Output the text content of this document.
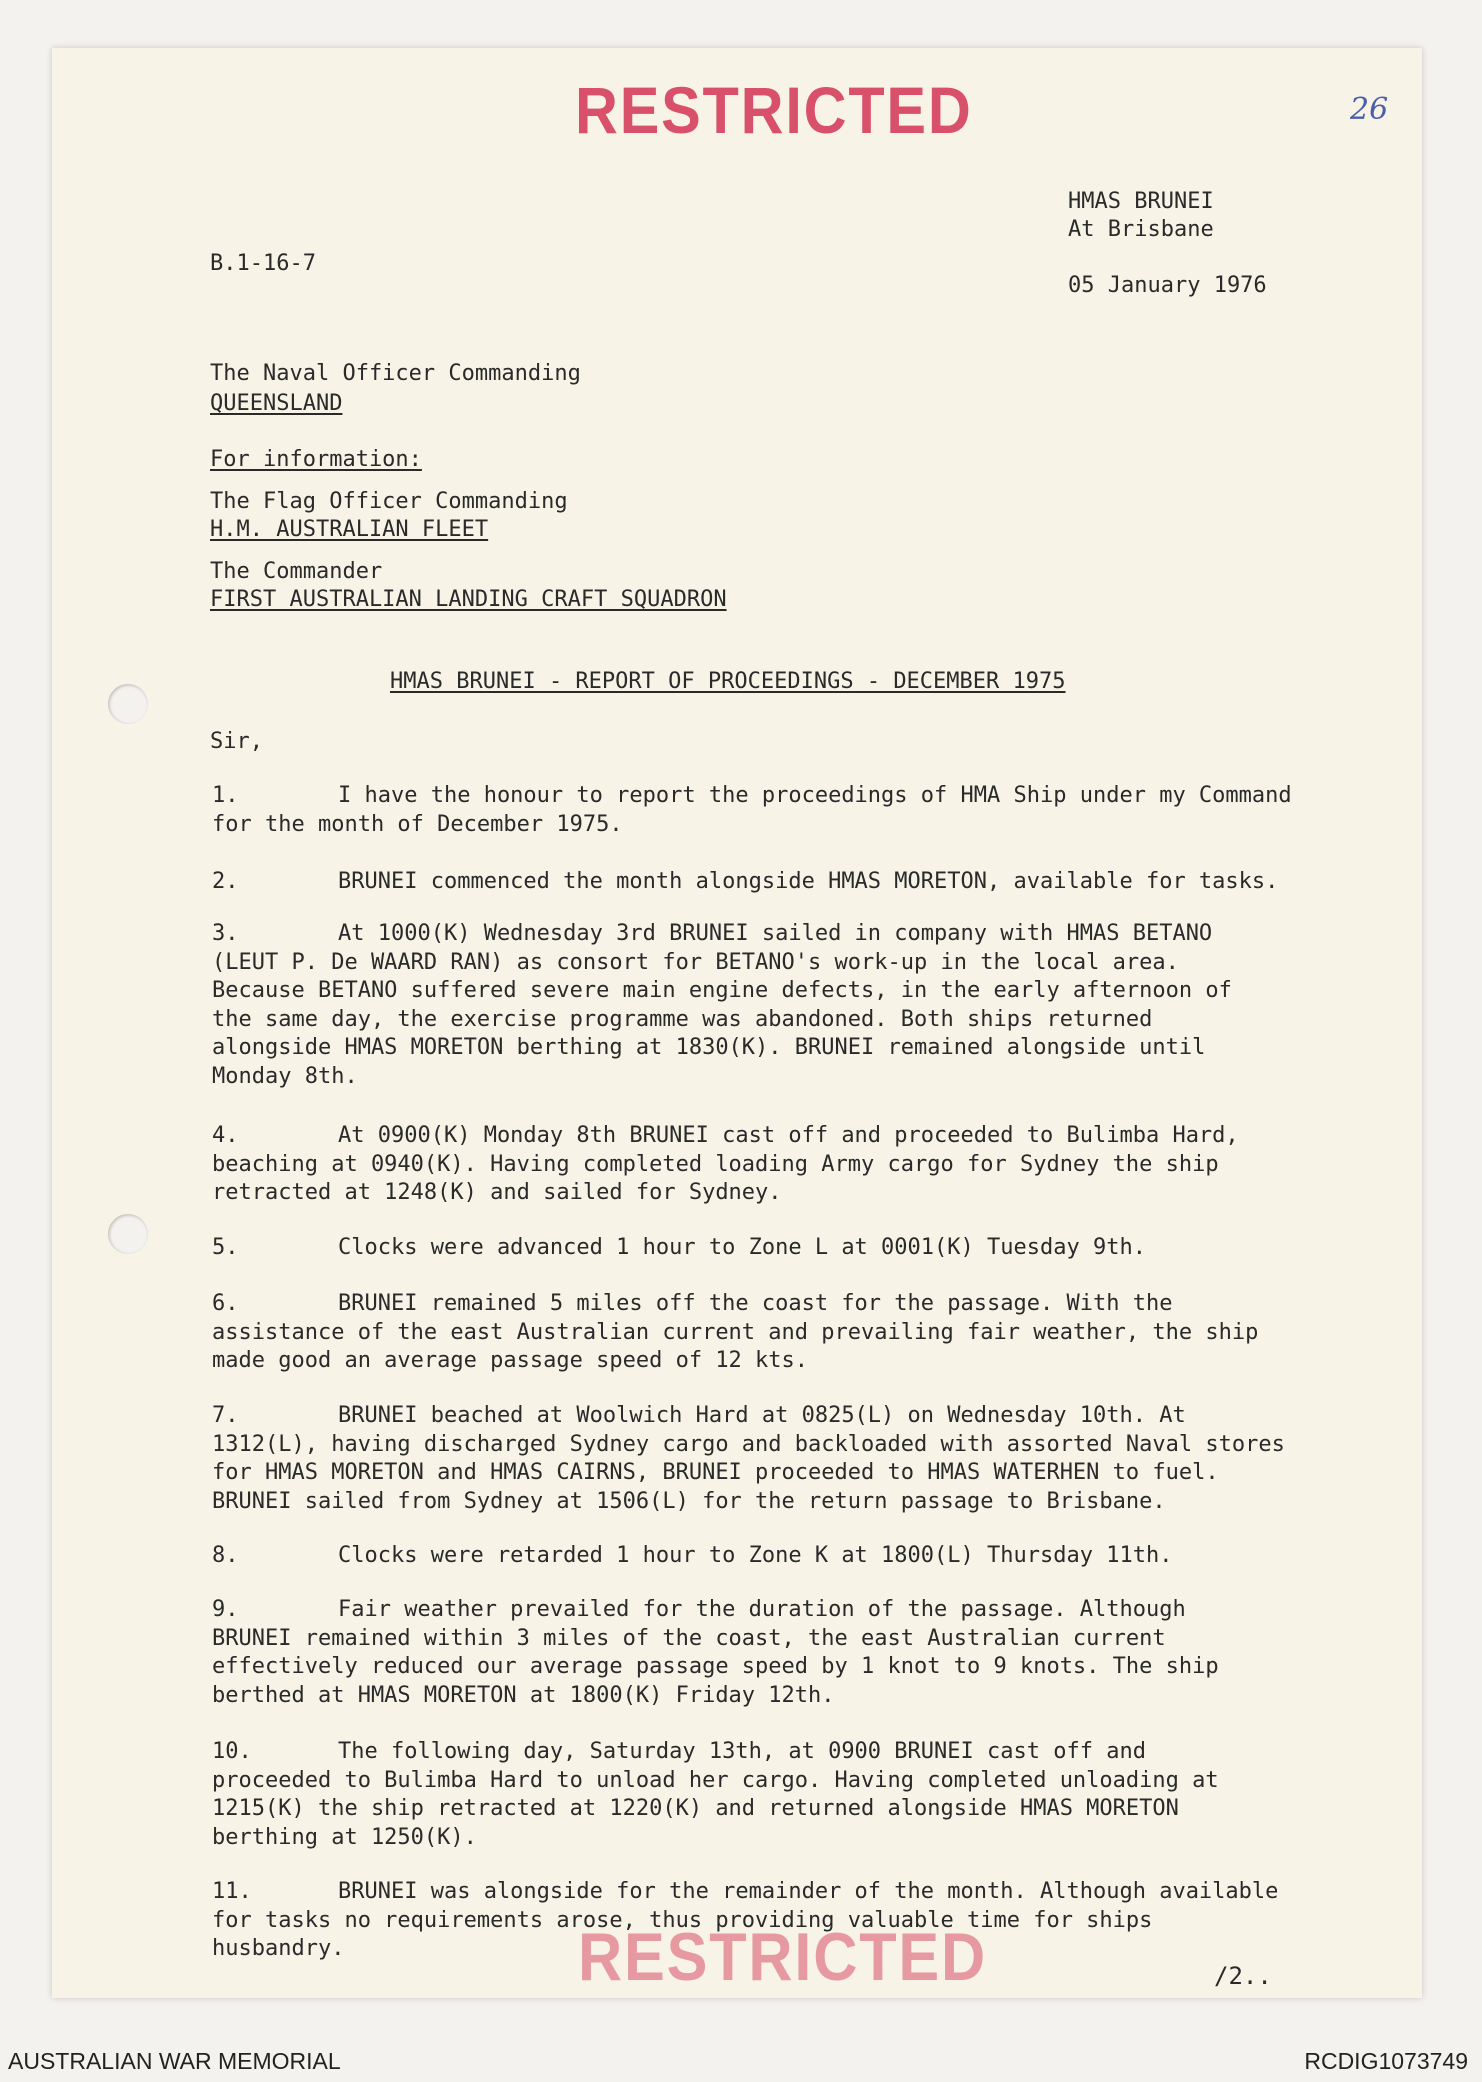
RESTRICTED	26
HMAS BRUNEI
At Brisbane
B.1-16-7
05 January 1976
The Naval Officer Commanding
QUEENSLAND
For information:
The Flag Officer Commanding
H.M. AUSTRALIAN FLEET
The Commander
FIRST AUSTRALIAN LANDING CRAFT SQUADRON
HMAS BRUNEI - REPORT OF PROCEEDINGS - DECEMBER 1975
Sir,
1.	I have the honour to report the proceedings of HMA Ship under my Command
for the month of December 1975.
2.	BRUNEI commenced the month alongside HMAS MORETON, available for tasks.
3.	At 1000(K) Wednesday 3rd BRUNEI sailed in company with HMAS BETANO
(LEUT P. De WAARD RAN) as consort for BETANO's work-up in the local area.
Because BETANO suffered severe main engine defects, in the early afternoon of
the same day, the exercise programme was abandoned. Both ships returned
alongside HMAS MORETON berthing at 1830(K). BRUNEI remained alongside until
Monday 8th.
4.	At 0900(K) Monday 8th BRUNEI cast off and proceeded to Bulimba Hard,
beaching at 0940(K). Having completed loading Army cargo for Sydney the ship
retracted at 1248(K) and sailed for Sydney.
5.	Clocks were advanced 1 hour to Zone L at 0001(K) Tuesday 9th.
6.	BRUNEI remained 5 miles off the coast for the passage. With the
assistance of the east Australian current and prevailing fair weather, the ship
made good an average passage speed of 12 kts.
7.	BRUNEI beached at Woolwich Hard at 0825(L) on Wednesday 10th. At
1312(L), having discharged Sydney cargo and backloaded with assorted Naval stores
for HMAS MORETON and HMAS CAIRNS, BRUNEI proceeded to HMAS WATERHEN to fuel.
BRUNEI sailed from Sydney at 1506(L) for the return passage to Brisbane.
8.	Clocks were retarded 1 hour to Zone K at 1800(L) Thursday 11th.
9.	Fair weather prevailed for the duration of the passage. Although
BRUNEI remained within 3 miles of the coast, the east Australian current
effectively reduced our average passage speed by 1 knot to 9 knots. The ship
berthed at HMAS MORETON at 1800(K) Friday 12th.
10.	The following day, Saturday 13th, at 0900 BRUNEI cast off and
proceeded to Bulimba Hard to unload her cargo. Having completed unloading at
1215(K) the ship retracted at 1220(K) and returned alongside HMAS MORETON
berthing at 1250(K).
11.	BRUNEI was alongside for the remainder of the month. Although available
for tasks no requirements arose, thus providing valuable time for ships
husbandry.	RESTRICTED	/2..
AUSTRALIAN WAR MEMORIAL	RCDIG1073749
